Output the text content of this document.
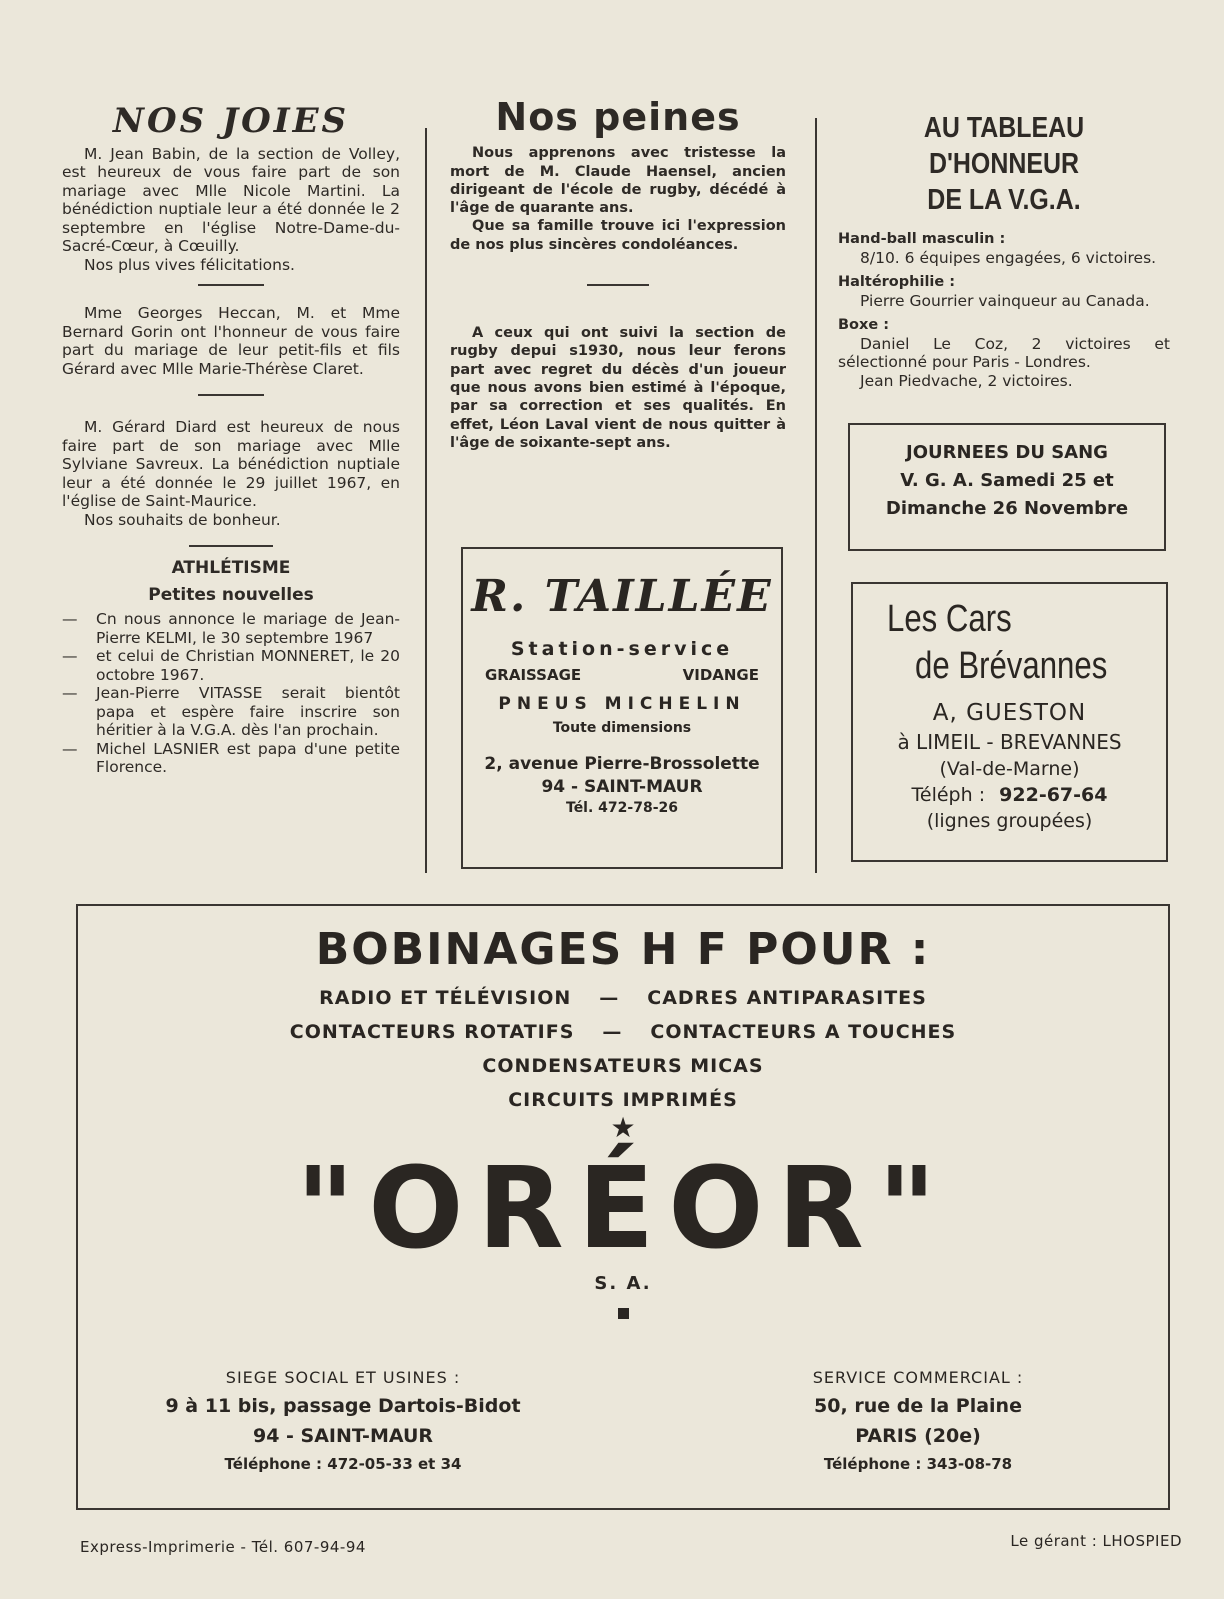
NOS JOIES

M. Jean Babin, de la section de Volley, est heureux de vous faire part de son mariage avec Mlle Nicole Martini. La bénédiction nuptiale leur a été donnée le 2 septembre en l'église Notre-Dame-du-Sacré-Cœur, à Cœuilly.

Nos plus vives félicitations.

Mme Georges Heccan, M. et Mme Bernard Gorin ont l'honneur de vous faire part du mariage de leur petit-fils et fils Gérard avec Mlle Marie-Thérèse Claret.

M. Gérard Diard est heureux de nous faire part de son mariage avec Mlle Sylviane Savreux. La bénédiction nuptiale leur a été donnée le 29 juillet 1967, en l'église de Saint-Maurice.

Nos souhaits de bonheur.

ATHLÉTISME
Petites nouvelles
— Cn nous annonce le mariage de Jean-Pierre KELMI, le 30 septembre 1967
— et celui de Christian MONNERET, le 20 octobre 1967.
— Jean-Pierre VITASSE serait bientôt papa et espère faire inscrire son héritier à la V.G.A. dès l'an prochain.
— Michel LASNIER est papa d'une petite Florence.
Nos peines

Nous apprenons avec tristesse la mort de M. Claude Haensel, ancien dirigeant de l'école de rugby, décédé à l'âge de quarante ans.

Que sa famille trouve ici l'expression de nos plus sincères condoléances.

A ceux qui ont suivi la section de rugby depui s1930, nous leur ferons part avec regret du décès d'un joueur que nous avons bien estimé à l'époque, par sa correction et ses qualités. En effet, Léon Laval vient de nous quitter à l'âge de soixante-sept ans.

R. TAILLÉE
Station-service
GRAISSAGE	VIDANGE
PNEUS MICHELIN
Toute dimensions
2, avenue Pierre-Brossolette
94 - SAINT-MAUR
Tél. 472-78-26
AU TABLEAU D'HONNEUR
DE LA V.G.A.
Hand-ball masculin :

8/10. 6 équipes engagées, 6 victoires.

Haltérophilie :

Pierre Gourrier vainqueur au Canada.

Boxe :

Daniel Le Coz, 2 victoires et sélectionné pour Paris - Londres.

Jean Piedvache, 2 victoires.

JOURNEES DU SANG
V. G. A. Samedi 25 et
Dimanche 26 Novembre
Les Cars
de Brévannes
A, GUESTON
à LIMEIL - BREVANNES
(Val-de-Marne)
Téléph : 922-67-64
(lignes groupées)
BOBINAGES H F POUR :
RADIO ET TÉLÉVISION — CADRES ANTIPARASITES
CONTACTEURS ROTATIFS — CONTACTEURS A TOUCHES
CONDENSATEURS MICAS
CIRCUITS IMPRIMÉS
★
"ORÉOR"
S. A.
SIEGE SOCIAL ET USINES :
9 à 11 bis, passage Dartois-Bidot
94 - SAINT-MAUR
Téléphone : 472-05-33 et 34
SERVICE COMMERCIAL :
50, rue de la Plaine
PARIS (20e)
Téléphone : 343-08-78
Express-Imprimerie - Tél. 607-94-94	Le gérant : LHOSPIED
